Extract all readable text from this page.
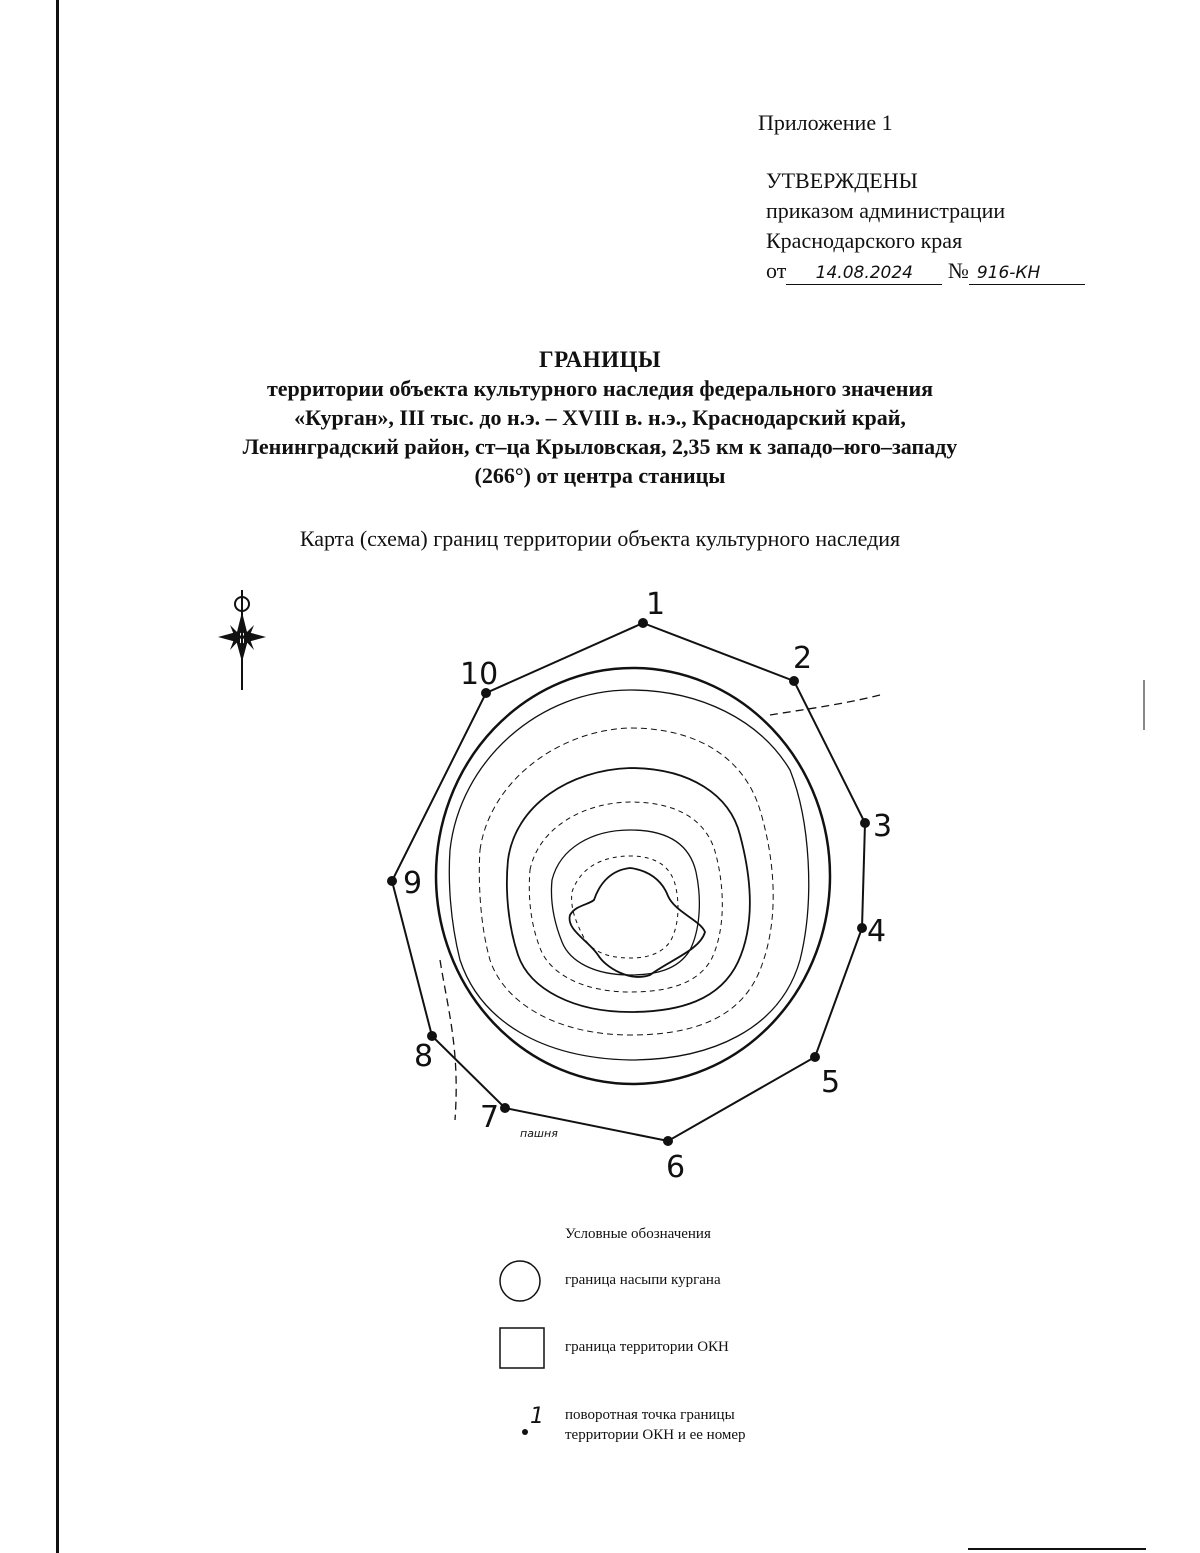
Приложение 1
УТВЕРЖДЕНЫ
приказом администрации
Краснодарского края
от 14.08.2024 № 916-КН
ГРАНИЦЫ
территории объекта культурного наследия федерального значения
«Курган», III тыс. до н.э. – XVIII в. н.э., Краснодарский край,
Ленинградский район, ст–ца Крыловская, 2,35 км к западо–юго–западу
(266°) от центра станицы
Карта (схема) границ территории объекта культурного наследия
1
2
3
4
5
6
7
8
9
10
пашня
1
Условные обозначения
граница насыпи кургана
граница территории ОКН
поворотная точка границы
территории ОКН и ее номер
